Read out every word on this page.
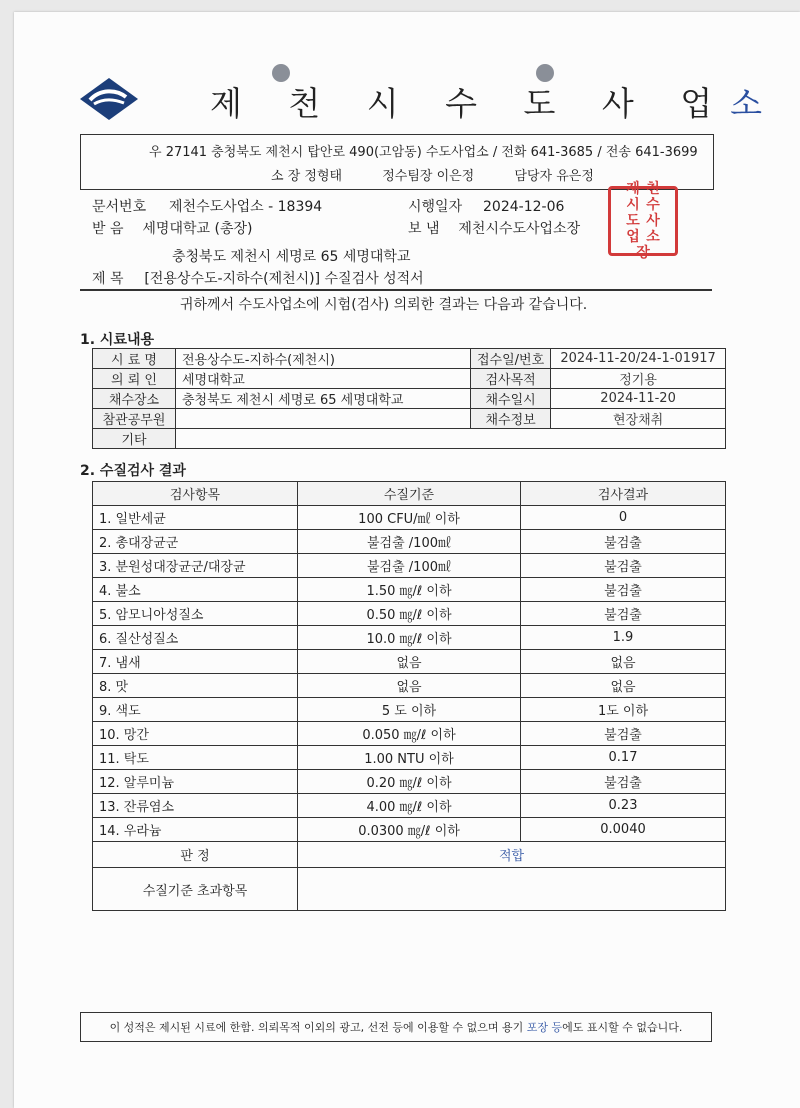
제 천 시 수 도 사 업소
우 27141 충청북도 제천시 탑안로 490(고암동) 수도사업소 / 전화 641-3685 / 전송 641-3699
소 장 정형태	정수팀장 이은정	담당자 유은정
문서번호 제천수도사업소 - 18394	시행일자 2024-12-06
받 음 세명대학교 (총장)	보 냄 제천시수도사업소장
충청북도 제천시 세명로 65 세명대학교
제 목 [전용상수도-지하수(제천시)] 수질검사 성적서
제 천
시 수
도 사
업 소
장
귀하께서 수도사업소에 시험(검사) 의뢰한 결과는 다음과 같습니다.
1. 시료내용
시 료 명	전용상수도-지하수(제천시)	접수일/번호	2024-11-20/24-1-01917
의 뢰 인	세명대학교	검사목적	정기용
채수장소	충청북도 제천시 세명로 65 세명대학교	채수일시	2024-11-20
참관공무원		채수정보	현장채취
기타			
2. 수질검사 결과
검사항목	수질기준	검사결과
1. 일반세균	100 CFU/㎖ 이하	0
2. 총대장균군	불검출 /100㎖	불검출
3. 분원성대장균군/대장균	불검출 /100㎖	불검출
4. 불소	1.50 ㎎/ℓ 이하	불검출
5. 암모니아성질소	0.50 ㎎/ℓ 이하	불검출
6. 질산성질소	10.0 ㎎/ℓ 이하	1.9
7. 냄새	없음	없음
8. 맛	없음	없음
9. 색도	5 도 이하	1도 이하
10. 망간	0.050 ㎎/ℓ 이하	불검출
11. 탁도	1.00 NTU 이하	0.17
12. 알루미늄	0.20 ㎎/ℓ 이하	불검출
13. 잔류염소	4.00 ㎎/ℓ 이하	0.23
14. 우라늄	0.0300 ㎎/ℓ 이하	0.0040
판 정	적합	
수질기준 초과항목		
이 성적은 제시된 시료에 한함. 의뢰목적 이외의 광고, 선전 등에 이용할 수 없으며 용기 포장 등에도 표시할 수 없습니다.
